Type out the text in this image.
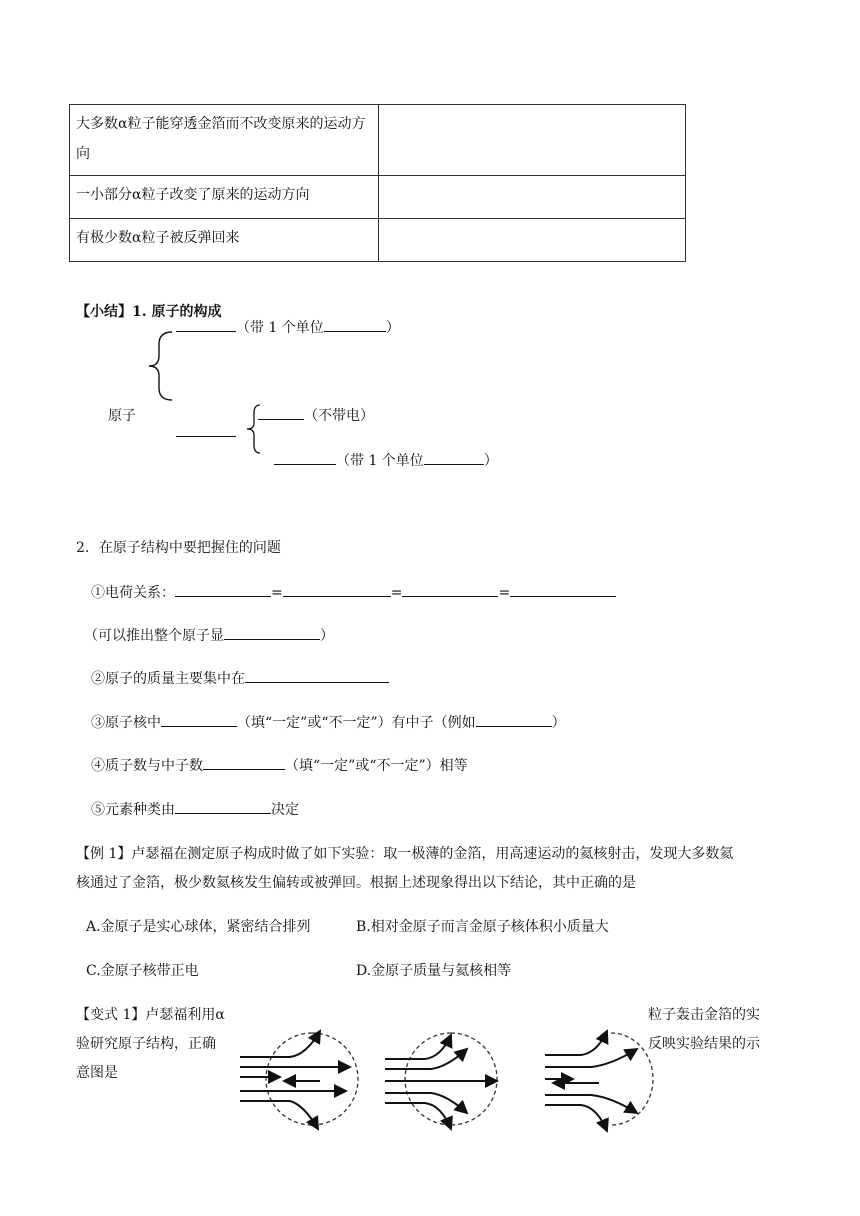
大多数α粒子能穿透金箔而不改变原来的运动方向	
一小部分α粒子改变了原来的运动方向	
有极少数α粒子被反弹回来	
【小结】1. 原子的构成
（带 1 个单位	）
原子	（不带电）
（带 1 个单位	）
2．在原子结构中要把握住的问题
①电荷关系：	=	=	=
（可以推出整个原子显	）
②原子的质量主要集中在
③原子核中	（填“一定”或“不一定”）有中子（例如	）
④质子数与中子数	（填“一定”或“不一定”）相等
⑤元素种类由	决定
【例 1】卢瑟福在测定原子构成时做了如下实验：取一极薄的金箔，用高速运动的氦核射击，发现大多数氦
核通过了金箔，极少数氦核发生偏转或被弹回。根据上述现象得出以下结论，其中正确的是
A.金原子是实心球体，紧密结合排列	B.相对金原子而言金原子核体积小质量大
C.金原子核带正电	D.金原子质量与氦核相等
【变式 1】卢瑟福利用α
验研究原子结构，正确
意图是
粒子轰击金箔的实
反映实验结果的示
